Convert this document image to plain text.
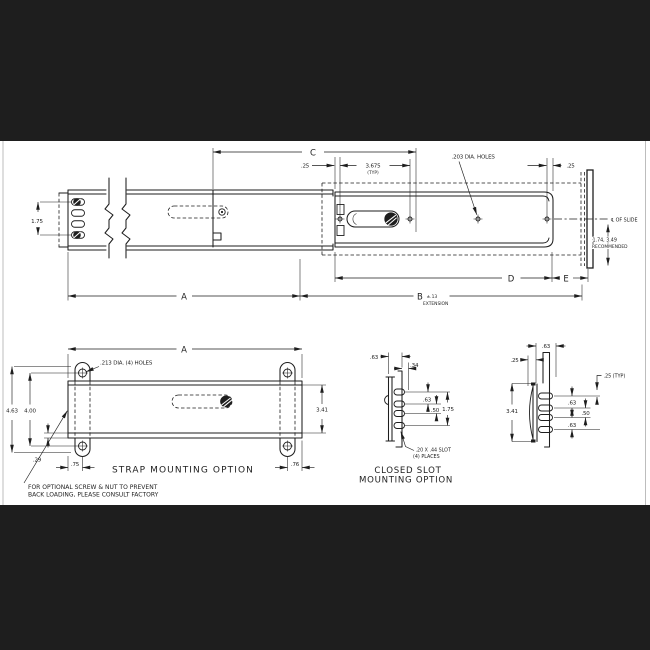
1.75
C
.25	3.675
(TYP)
.203 DIA. HOLES
.25
℄ OF SLIDE
1.74, 3.49
RECOMMENDED
D	E
A	B ±.13
EXTENSION
A
.213 DIA. (4) HOLES
4.63 4.00	3.41
.29
.75	.76
STRAP MOUNTING OPTION
FOR OPTIONAL SCREW & NUT TO PREVENT
BACK LOADING, PLEASE CONSULT FACTORY
.63
.34
.63
.50 1.75
.20 X .44 SLOT
(4) PLACES
CLOSED SLOT
MOUNTING OPTION
.63
.25
.25 (TYP)
.63
.50
.63
3.41
